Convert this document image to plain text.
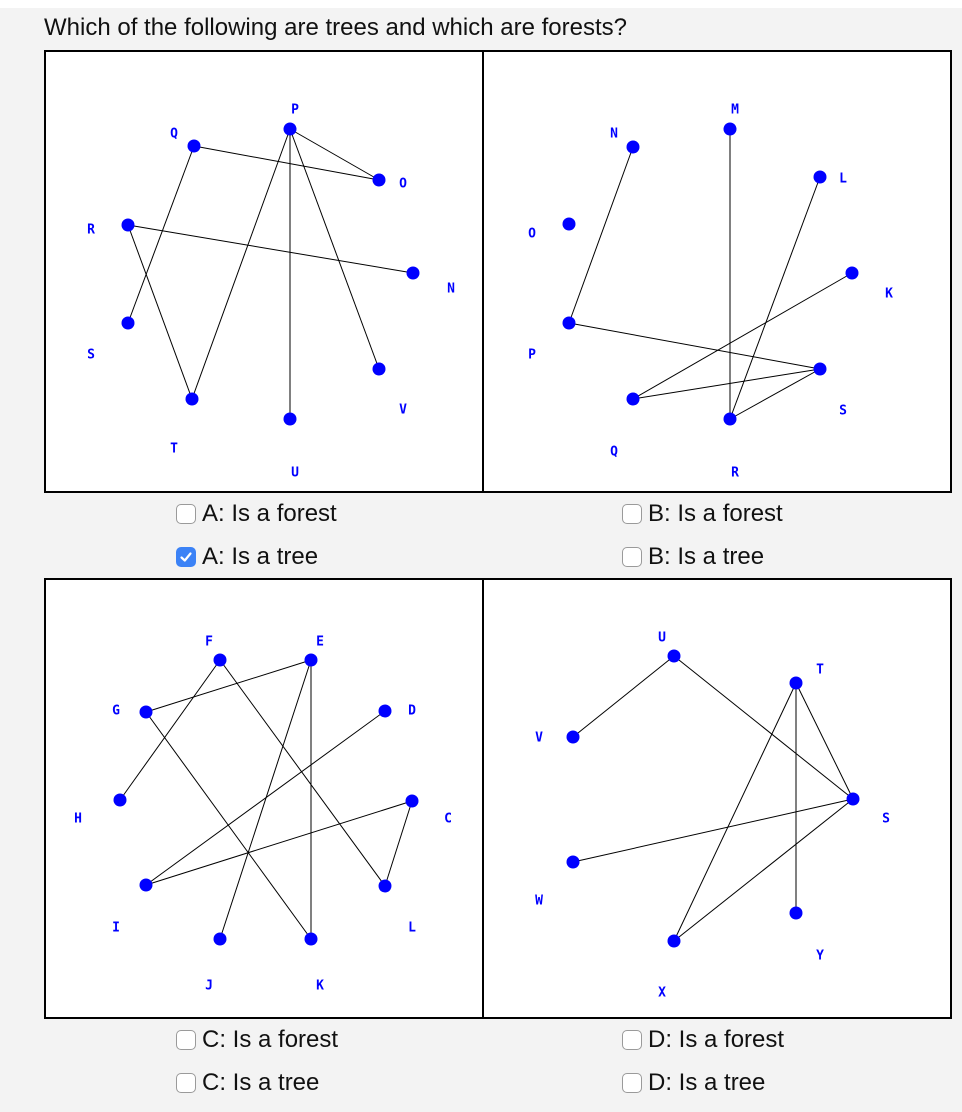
Which of the following are trees and which are forests?
P
Q
O
R
N
S
V
T
U
M
N
L
O
K
P
S
Q
R
F	E
G	D
H	C
I	L
J	K
U
T
V
S
W
Y
X
A: Is a forest
A: Is a tree
B: Is a forest
B: Is a tree
C: Is a forest
C: Is a tree
D: Is a forest
D: Is a tree
